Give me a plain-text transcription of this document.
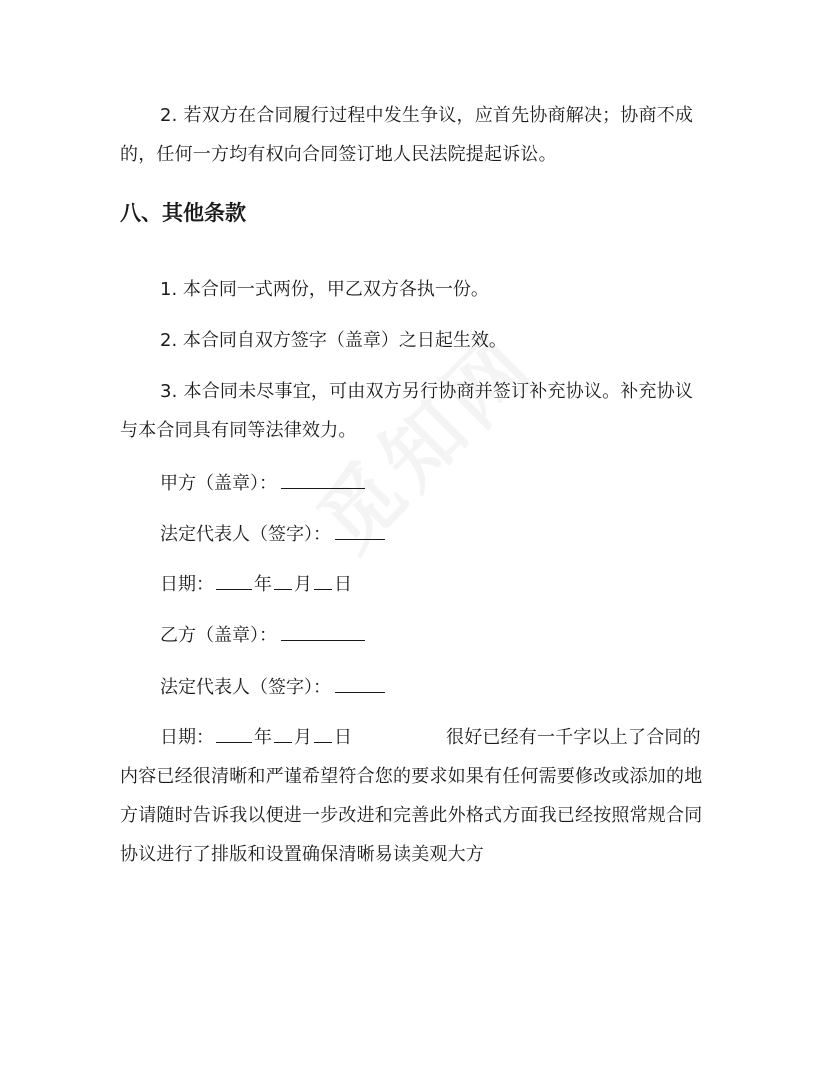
2. 若双方在合同履行过程中发生争议，应首先协商解决；协商不成的，任何一方均有权向合同签订地人民法院提起诉讼。

八、其他条款

1. 本合同一式两份，甲乙双方各执一份。

2. 本合同自双方签字（盖章）之日起生效。

3. 本合同未尽事宜，可由双方另行协商并签订补充协议。补充协议与本合同具有同等法律效力。

甲方（盖章）：

法定代表人（签字）：

日期： 年 月 日

乙方（盖章）：

法定代表人（签字）：

日期： 年 月 日	很好已经有一千字以上了合同的内容已经很清晰和严谨希望符合您的要求如果有任何需要修改或添加的地方请随时告诉我以便进一步改进和完善此外格式方面我已经按照常规合同协议进行了排版和设置确保清晰易读美观大方
